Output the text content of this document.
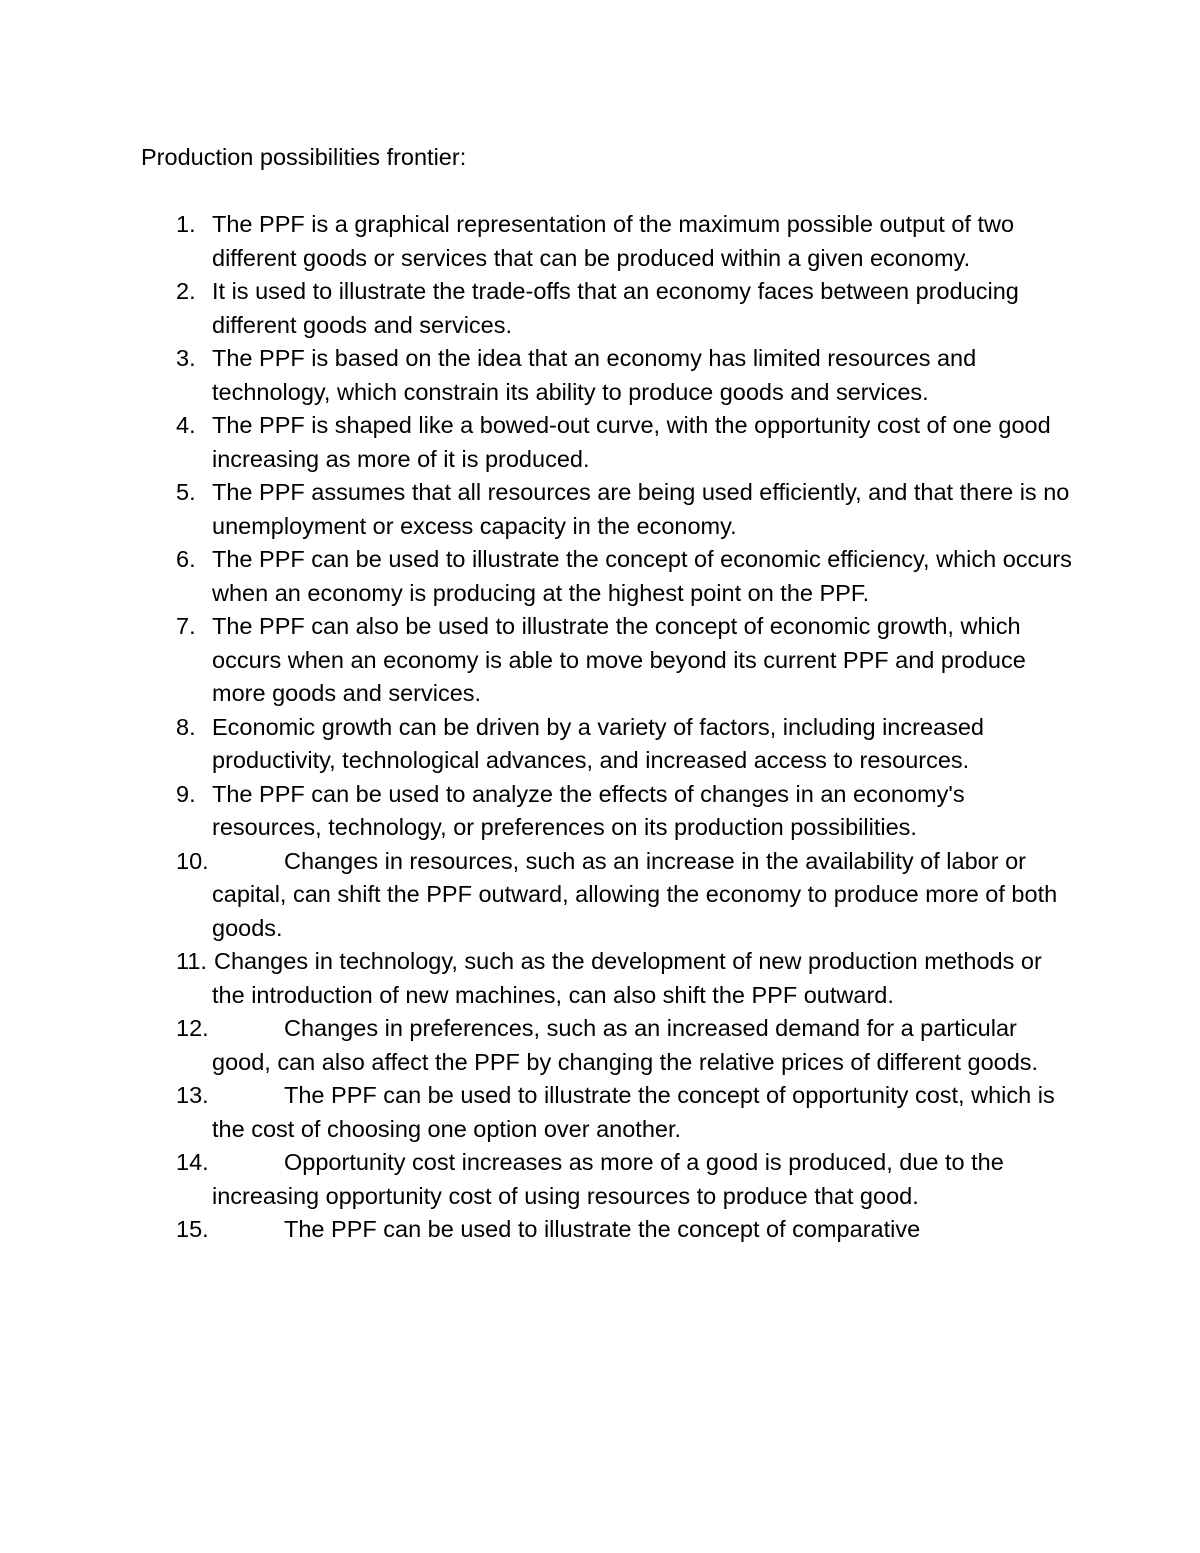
Production possibilities frontier:
1. The PPF is a graphical representation of the maximum possible output of two different goods or services that can be produced within a given economy.
2. It is used to illustrate the trade-offs that an economy faces between producing different goods and services.
3. The PPF is based on the idea that an economy has limited resources and technology, which constrain its ability to produce goods and services.
4. The PPF is shaped like a bowed-out curve, with the opportunity cost of one good increasing as more of it is produced.
5. The PPF assumes that all resources are being used efficiently, and that there is no unemployment or excess capacity in the economy.
6. The PPF can be used to illustrate the concept of economic efficiency, which occurs when an economy is producing at the highest point on the PPF.
7. The PPF can also be used to illustrate the concept of economic growth, which occurs when an economy is able to move beyond its current PPF and produce more goods and services.
8. Economic growth can be driven by a variety of factors, including increased productivity, technological advances, and increased access to resources.
9. The PPF can be used to analyze the effects of changes in an economy's resources, technology, or preferences on its production possibilities.
10.	Changes in resources, such as an increase in the availability of labor or capital, can shift the PPF outward, allowing the economy to produce more of both goods.
11. Changes in technology, such as the development of new production methods or the introduction of new machines, can also shift the PPF outward.
12.	Changes in preferences, such as an increased demand for a particular good, can also affect the PPF by changing the relative prices of different goods.
13.	The PPF can be used to illustrate the concept of opportunity cost, which is the cost of choosing one option over another.
14.	Opportunity cost increases as more of a good is produced, due to the increasing opportunity cost of using resources to produce that good.
15.	The PPF can be used to illustrate the concept of comparative
